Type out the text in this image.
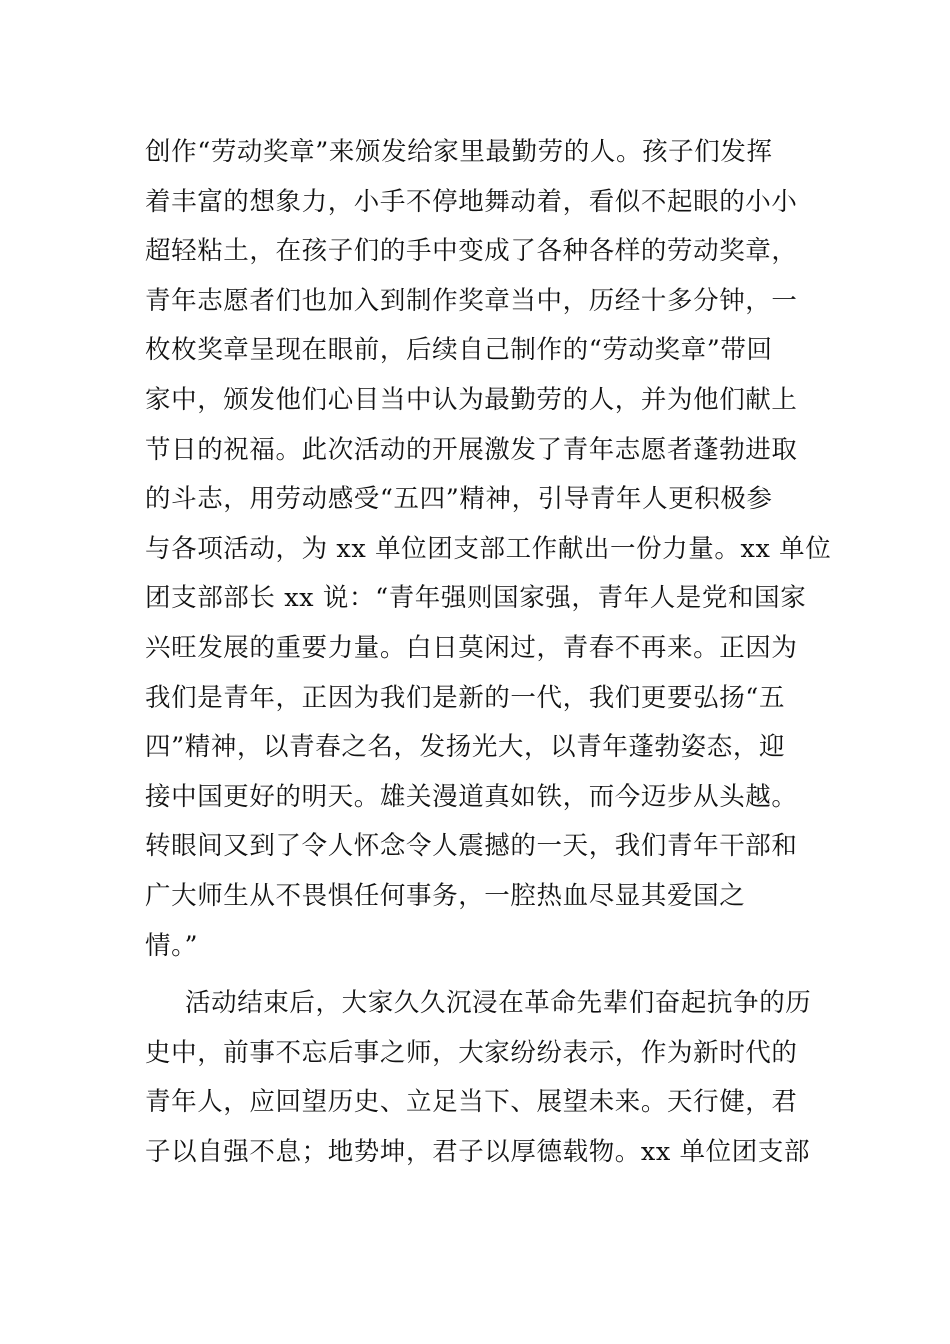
创作“劳动奖章”来颁发给家里最勤劳的人。孩子们发挥
着丰富的想象力，小手不停地舞动着，看似不起眼的小小
超轻粘土，在孩子们的手中变成了各种各样的劳动奖章，
青年志愿者们也加入到制作奖章当中，历经十多分钟，一
枚枚奖章呈现在眼前，后续自己制作的“劳动奖章”带回
家中，颁发他们心目当中认为最勤劳的人，并为他们献上
节日的祝福。此次活动的开展激发了青年志愿者蓬勃进取
的斗志，用劳动感受“五四”精神，引导青年人更积极参
与各项活动，为 xx 单位团支部工作献出一份力量。xx 单位
团支部部长 xx 说：“青年强则国家强，青年人是党和国家
兴旺发展的重要力量。白日莫闲过，青春不再来。正因为
我们是青年，正因为我们是新的一代，我们更要弘扬“五
四”精神，以青春之名，发扬光大，以青年蓬勃姿态，迎
接中国更好的明天。雄关漫道真如铁，而今迈步从头越。
转眼间又到了令人怀念令人震撼的一天，我们青年干部和
广大师生从不畏惧任何事务，一腔热血尽显其爱国之
情。”
活动结束后，大家久久沉浸在革命先辈们奋起抗争的历
史中，前事不忘后事之师，大家纷纷表示，作为新时代的
青年人，应回望历史、立足当下、展望未来。天行健，君
子以自强不息；地势坤，君子以厚德载物。xx 单位团支部
